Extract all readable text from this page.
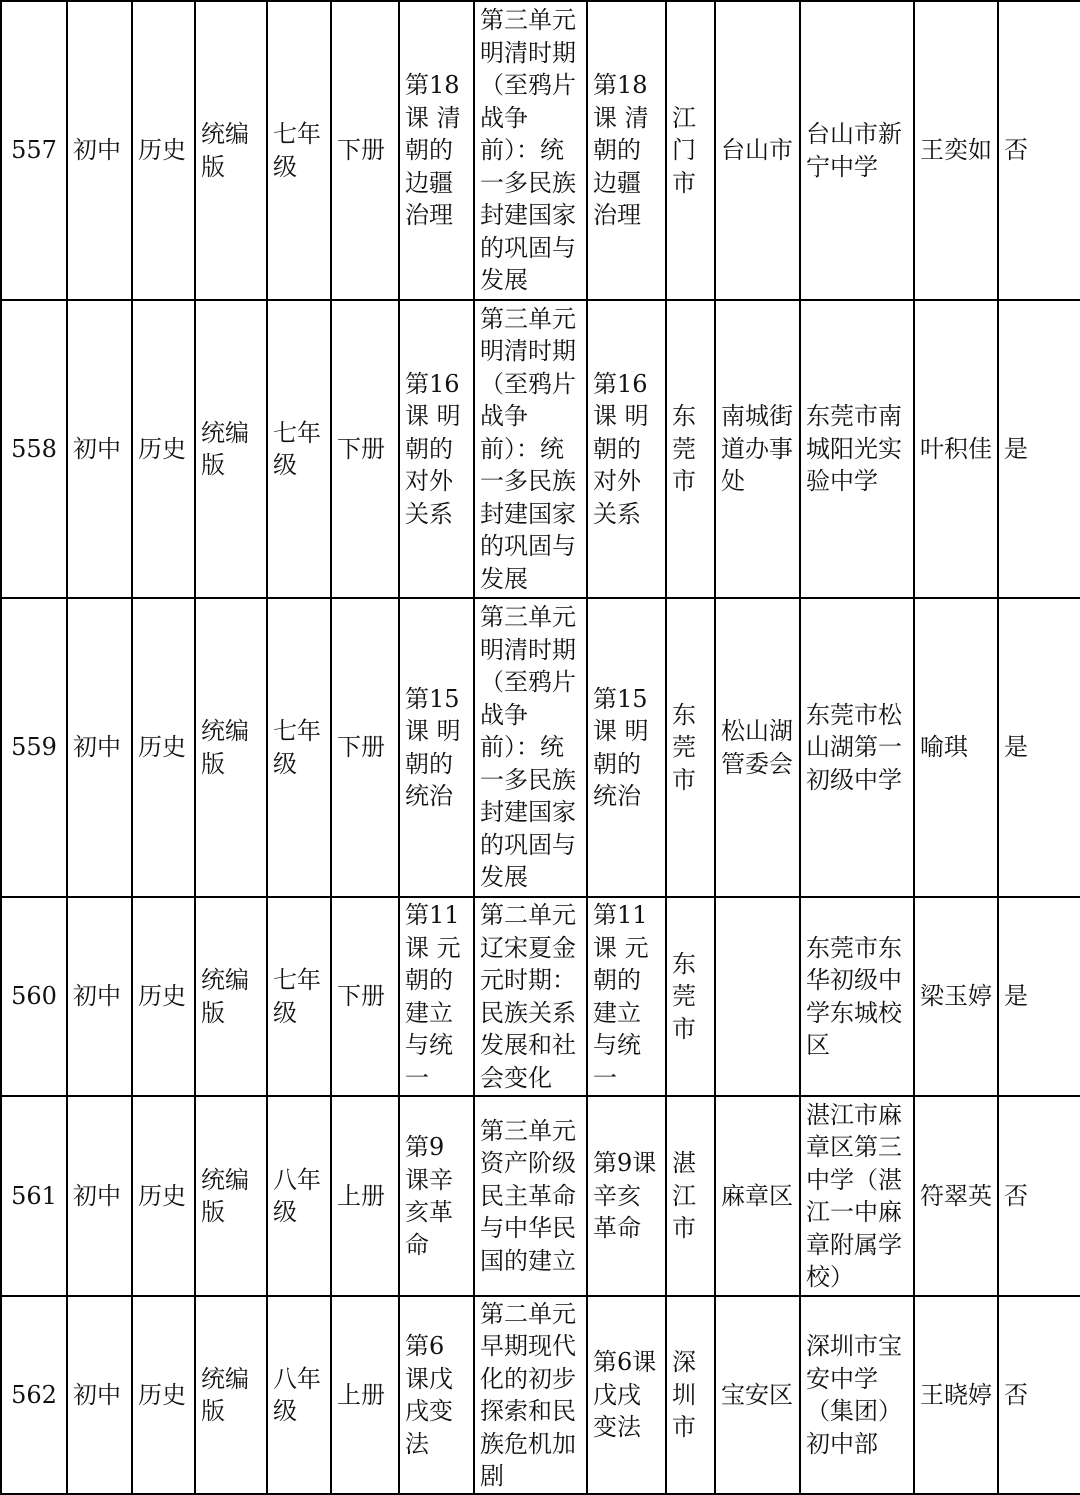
557	初中	历史	统编版	七年级	下册	第18课 清朝的边疆治理	第三单元明清时期（至鸦片战争前）：统一多民族封建国家的巩固与发展	第18课 清朝的边疆治理	江门市	台山市	台山市新宁中学	王奕如	否
558	初中	历史	统编版	七年级	下册	第16课 明朝的对外关系	第三单元明清时期（至鸦片战争前）：统一多民族封建国家的巩固与发展	第16课 明朝的对外关系	东莞市	南城街道办事处	东莞市南城阳光实验中学	叶积佳	是
559	初中	历史	统编版	七年级	下册	第15课 明朝的统治	第三单元明清时期（至鸦片战争前）：统一多民族封建国家的巩固与发展	第15课 明朝的统治	东莞市	松山湖管委会	东莞市松山湖第一初级中学	喻琪	是
560	初中	历史	统编版	七年级	下册	第11课 元朝的建立与统一	第二单元辽宋夏金元时期：民族关系发展和社会变化	第11课 元朝的建立与统一	东莞市		东莞市东华初级中学东城校区	梁玉婷	是
561	初中	历史	统编版	八年级	上册	第9课辛亥革命	第三单元资产阶级民主革命与中华民国的建立	第9课辛亥革命	湛江市	麻章区	湛江市麻章区第三中学（湛江一中麻章附属学校）	符翠英	否
562	初中	历史	统编版	八年级	上册	第6课戊戌变法	第二单元早期现代化的初步探索和民族危机加剧	第6课戊戌变法	深圳市	宝安区	深圳市宝安中学（集团）初中部	王晓婷	否
